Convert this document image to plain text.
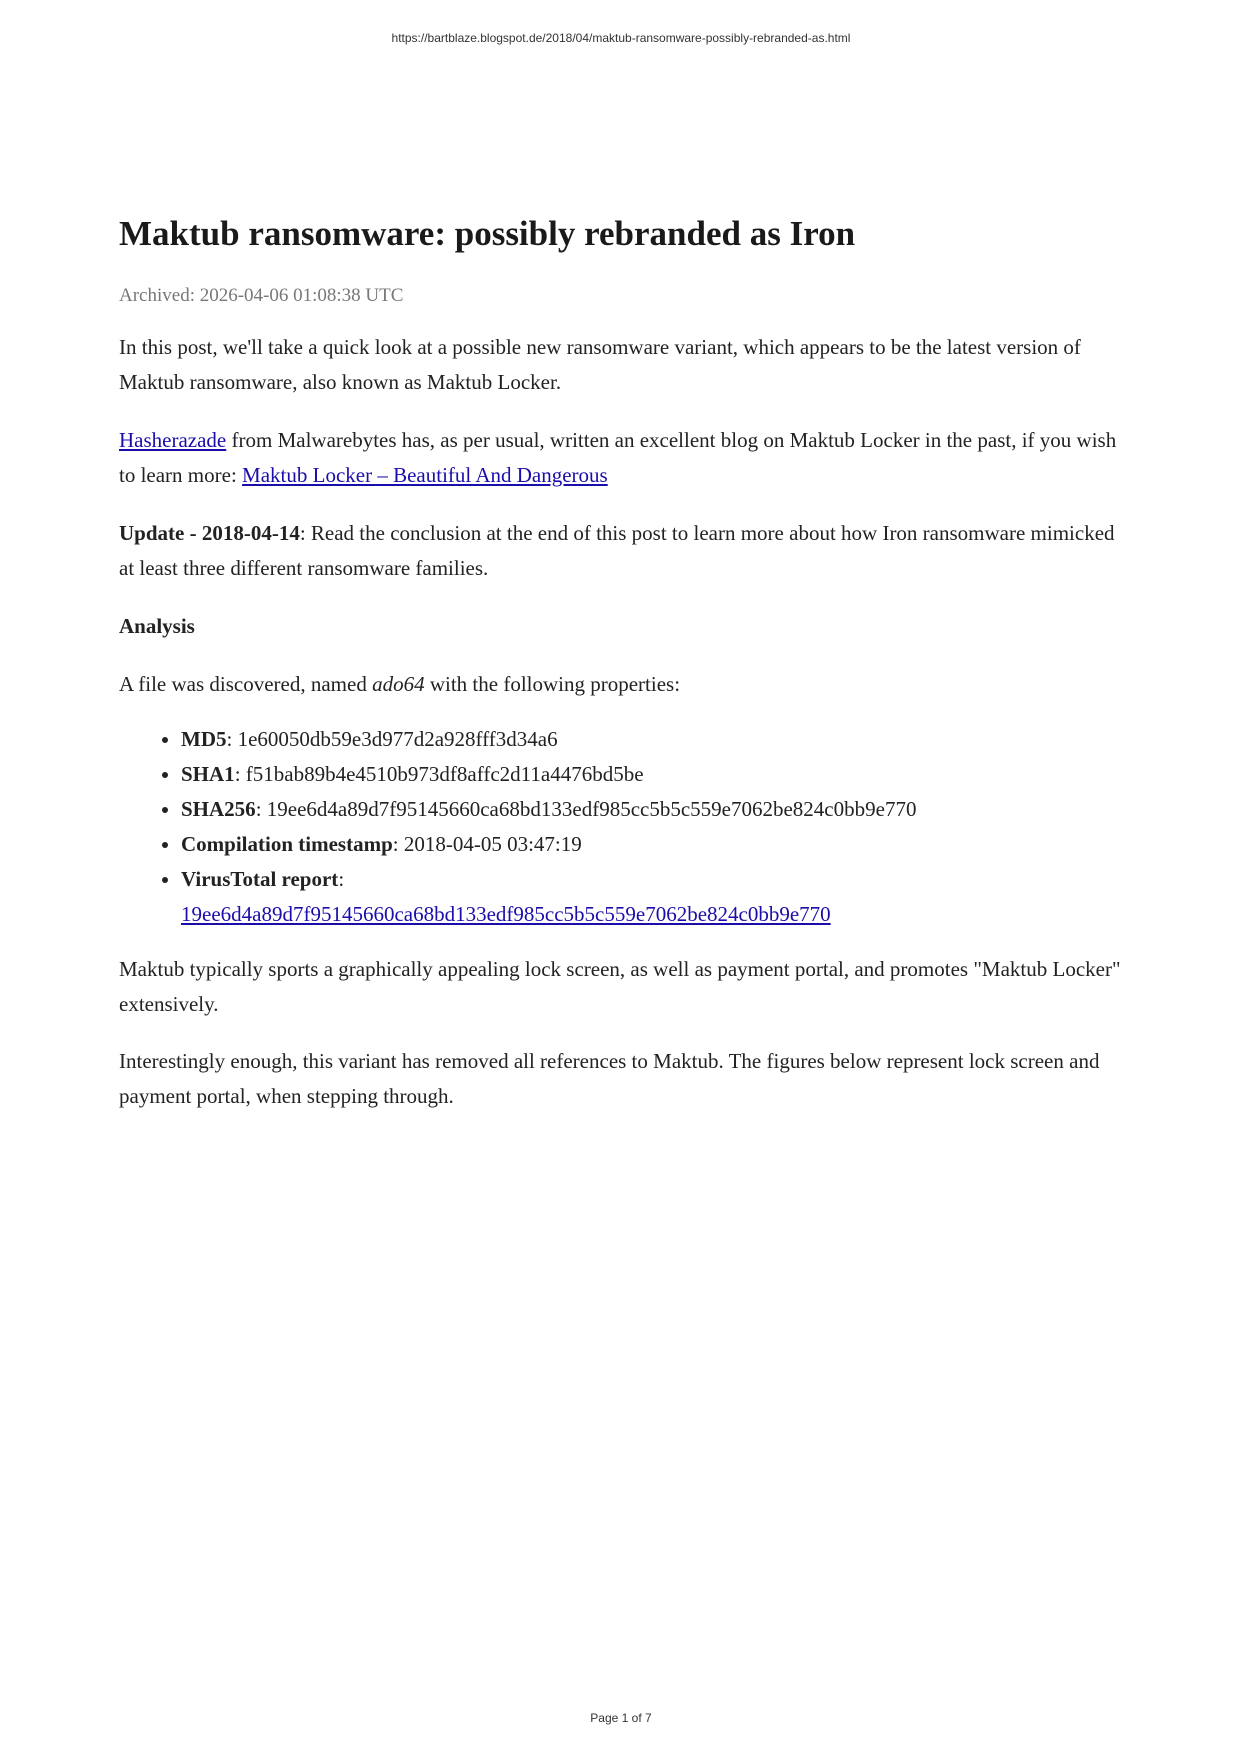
https://bartblaze.blogspot.de/2018/04/maktub-ransomware-possibly-rebranded-as.html
Maktub ransomware: possibly rebranded as Iron
Archived: 2026-04-06 01:08:38 UTC

In this post, we'll take a quick look at a possible new ransomware variant, which appears to be the latest version of Maktub ransomware, also known as Maktub Locker.

Hasherazade from Malwarebytes has, as per usual, written an excellent blog on Maktub Locker in the past, if you wish to learn more: Maktub Locker – Beautiful And Dangerous

Update - 2018-04-14: Read the conclusion at the end of this post to learn more about how Iron ransomware mimicked at least three different ransomware families.

Analysis

A file was discovered, named ado64 with the following properties:

• MD5: 1e60050db59e3d977d2a928fff3d34a6
• SHA1: f51bab89b4e4510b973df8affc2d11a4476bd5be
• SHA256: 19ee6d4a89d7f95145660ca68bd133edf985cc5b5c559e7062be824c0bb9e770
• Compilation timestamp: 2018-04-05 03:47:19
• VirusTotal report:
19ee6d4a89d7f95145660ca68bd133edf985cc5b5c559e7062be824c0bb9e770

Maktub typically sports a graphically appealing lock screen, as well as payment portal, and promotes "Maktub Locker" extensively.

Interestingly enough, this variant has removed all references to Maktub. The figures below represent lock screen and payment portal, when stepping through.

Page 1 of 7
